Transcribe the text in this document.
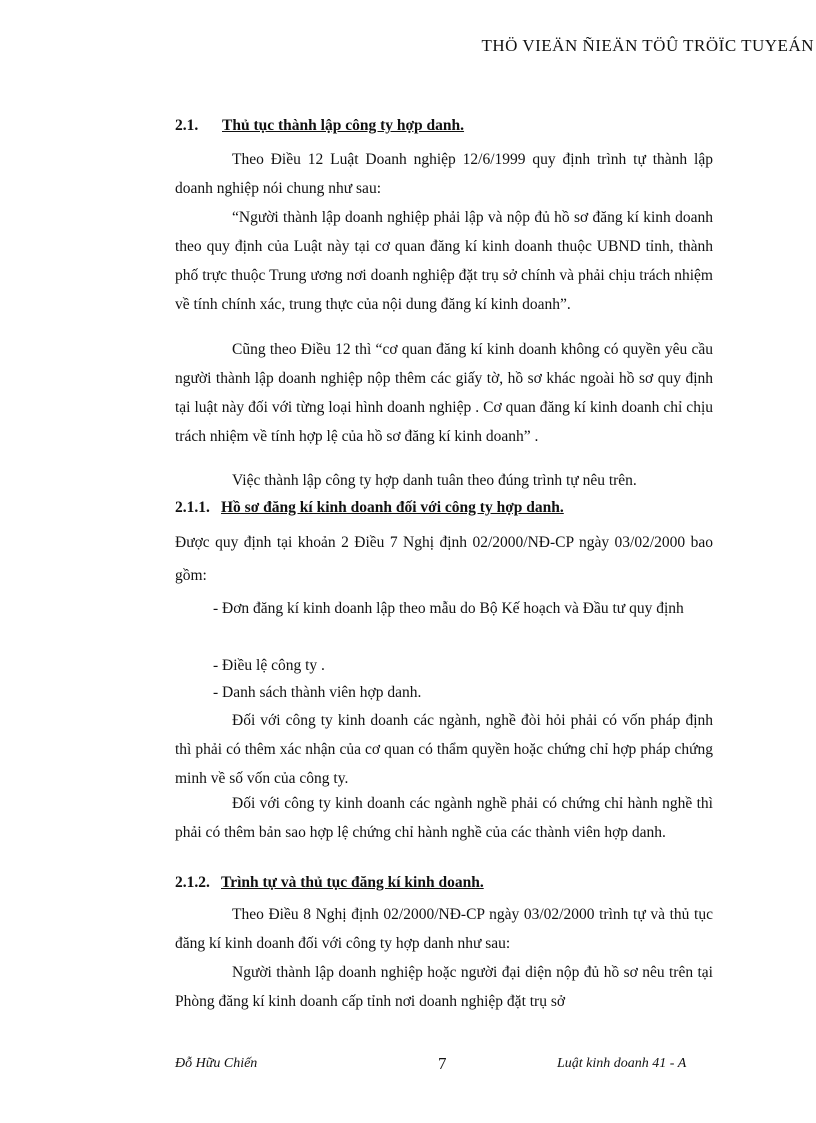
THÖ VIEÄN ÑIEÄN TÖÛ TRÖÏC TUYEÁN
2.1. Thủ tục thành lập công ty hợp danh.

Theo Điều 12 Luật Doanh nghiệp 12/6/1999 quy định trình tự thành lập doanh nghiệp nói chung như sau:

“Người thành lập doanh nghiệp phải lập và nộp đủ hồ sơ đăng kí kinh doanh theo quy định của Luật này tại cơ quan đăng kí kinh doanh thuộc UBND tỉnh, thành phố trực thuộc Trung ương nơi doanh nghiệp đặt trụ sở chính và phải chịu trách nhiệm về tính chính xác, trung thực của nội dung đăng kí kinh doanh”.

Cũng theo Điều 12 thì “cơ quan đăng kí kinh doanh không có quyền yêu cầu người thành lập doanh nghiệp nộp thêm các giấy tờ, hồ sơ khác ngoài hồ sơ quy định tại luật này đối với từng loại hình doanh nghiệp . Cơ quan đăng kí kinh doanh chỉ chịu trách nhiệm về tính hợp lệ của hồ sơ đăng kí kinh doanh” .

Việc thành lập công ty hợp danh tuân theo đúng trình tự nêu trên.

2.1.1. Hồ sơ đăng kí kinh doanh đối với công ty hợp danh.

Được quy định tại khoản 2 Điều 7 Nghị định 02/2000/NĐ-CP ngày 03/02/2000 bao gồm:

- Đơn đăng kí kinh doanh lập theo mẫu do Bộ Kế hoạch và Đầu tư quy định

- Điều lệ công ty .

- Danh sách thành viên hợp danh.

Đối với công ty kinh doanh các ngành, nghề đòi hỏi phải có vốn pháp định thì phải có thêm xác nhận của cơ quan có thẩm quyền hoặc chứng chỉ hợp pháp chứng minh về số vốn của công ty.

Đối với công ty kinh doanh các ngành nghề phải có chứng chỉ hành nghề thì phải có thêm bản sao hợp lệ chứng chỉ hành nghề của các thành viên hợp danh.

2.1.2. Trình tự và thủ tục đăng kí kinh doanh.

Theo Điều 8 Nghị định 02/2000/NĐ-CP ngày 03/02/2000 trình tự và thủ tục đăng kí kinh doanh đối với công ty hợp danh như sau:

Người thành lập doanh nghiệp hoặc người đại diện nộp đủ hồ sơ nêu trên tại Phòng đăng kí kinh doanh cấp tỉnh nơi doanh nghiệp đặt trụ sở

Đỗ Hữu Chiến	7	Luật kinh doanh 41 - A
